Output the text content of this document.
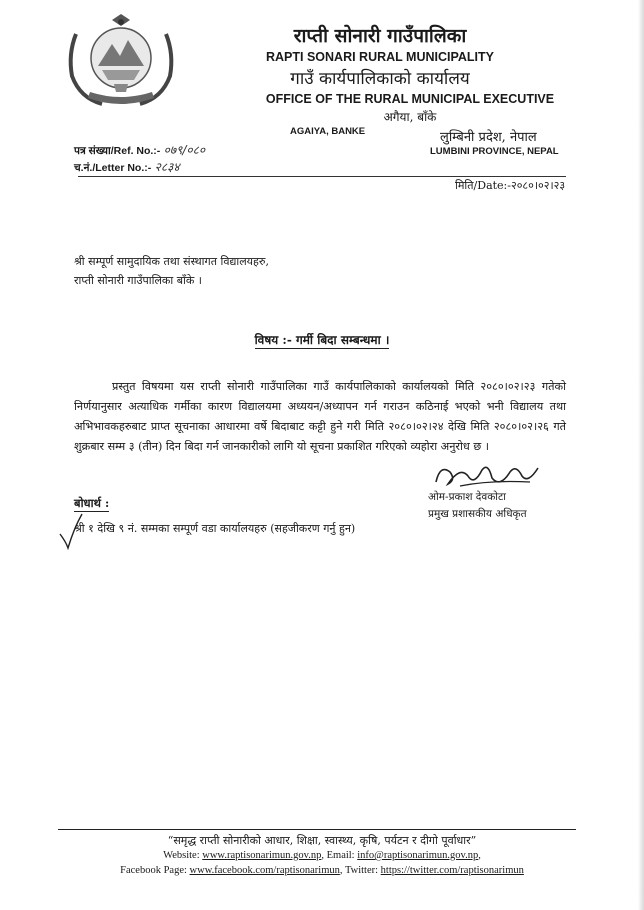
राप्ती सोनारी गाउँपालिका
RAPTI SONARI RURAL MUNICIPALITY
गाउँ कार्यपालिकाको कार्यालय
OFFICE OF THE RURAL MUNICIPAL EXECUTIVE
अगैया, बाँके
AGAIYA, BANKE	लुम्बिनी प्रदेश, नेपाल
LUMBINI PROVINCE, NEPAL
पत्र संख्या/Ref. No.:- ०७९/०८०
च.नं./Letter No.:- २८३४
मिति/Date:-२०८०।०२।२३
श्री सम्पूर्ण सामुदायिक तथा संस्थागत विद्यालयहरु,
राप्ती सोनारी गाउँपालिका बाँके ।
विषय :- गर्मी बिदा सम्बन्धमा ।
प्रस्तुत विषयमा यस राप्ती सोनारी गाउँपालिका गाउँ कार्यपालिकाको कार्यालयको मिति २०८०।०२।२३ गतेको निर्णयानुसार अत्याधिक गर्मीका कारण विद्यालयमा अध्ययन/अध्यापन गर्न गराउन कठिनाई भएको भनी विद्यालय तथा अभिभावकहरुबाट प्राप्त सूचनाका आधारमा वर्षे बिदाबाट कट्टी हुने गरी मिति २०८०।०२।२४ देखि मिति २०८०।०२।२६ गते शुक्रबार सम्म ३ (तीन) दिन बिदा गर्न जानकारीको लागि यो सूचना प्रकाशित गरिएको व्यहोरा अनुरोध छ ।
ओम-प्रकाश देवकोटा
प्रमुख प्रशासकीय अधिकृत
बोधार्थ :
श्री १ देखि ९ नं. सम्मका सम्पूर्ण वडा कार्यालयहरु (सहजीकरण गर्नु हुन)
“समृद्ध राप्ती सोनारीको आधार, शिक्षा, स्वास्थ्य, कृषि, पर्यटन र दीगो पूर्वाधार”
Website: www.raptisonarimun.gov.np, Email: info@raptisonarimun.gov.np,
Facebook Page: www.facebook.com/raptisonarimun, Twitter: https://twitter.com/raptisonarimun
